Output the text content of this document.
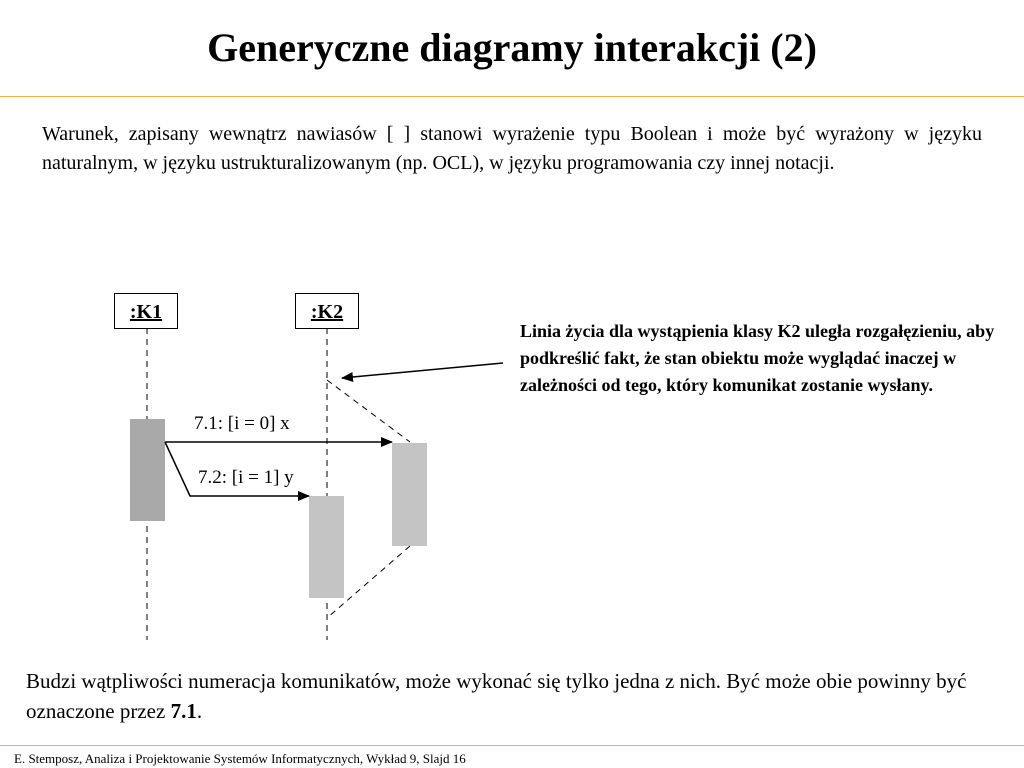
Generyczne diagramy interakcji (2)
Warunek, zapisany wewnątrz nawiasów [ ] stanowi wyrażenie typu Boolean i może być wyrażony w języku naturalnym, w języku ustrukturalizowanym (np. OCL), w języku programowania czy innej notacji.
:K1	:K2
7.1: [i = 0] x
7.2: [i = 1] y
Linia życia dla wystąpienia klasy K2 uległa rozgałęzieniu, aby podkreślić fakt, że stan obiektu może wyglądać inaczej w zależności od tego, który komunikat zostanie wysłany.
Budzi wątpliwości numeracja komunikatów, może wykonać się tylko jedna z nich. Być może obie powinny być oznaczone przez 7.1.
E. Stemposz, Analiza i Projektowanie Systemów Informatycznych, Wykład 9, Slajd 16
